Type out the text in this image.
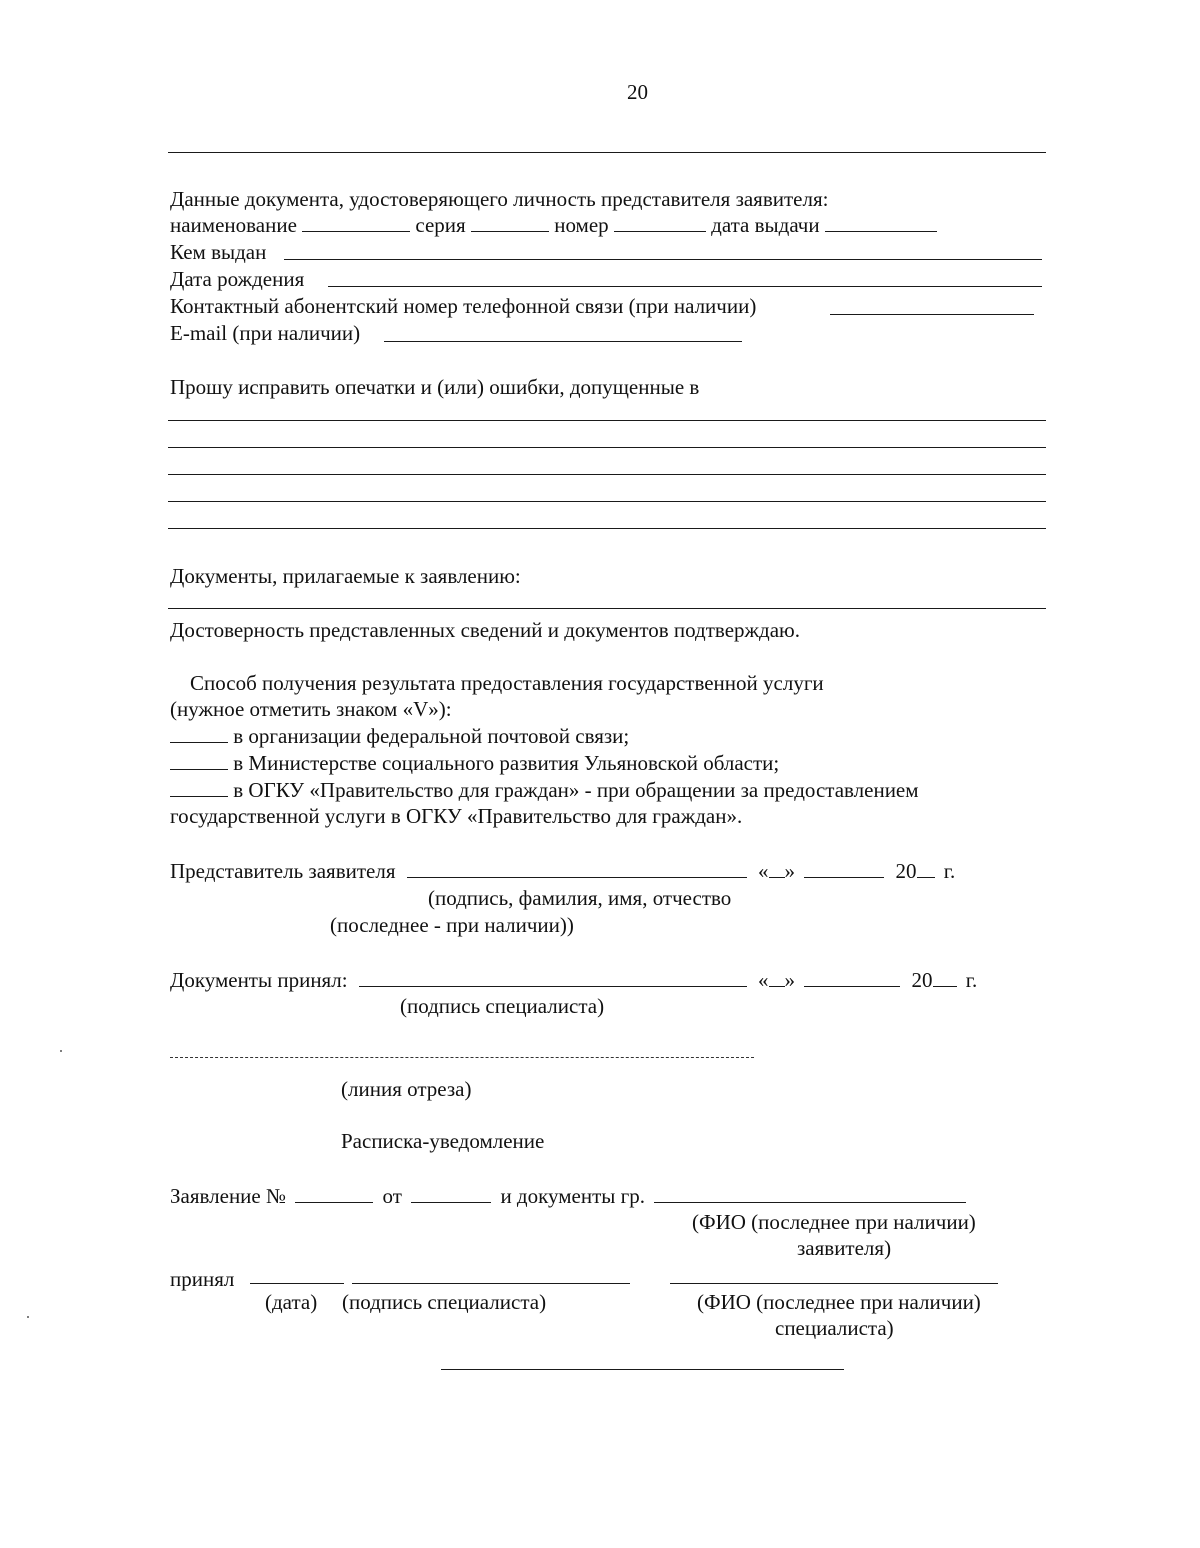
20
Данные документа, удостоверяющего личность представителя заявителя:
наименование	серия	номер	дата выдачи
Кем выдан
Дата рождения
Контактный абонентский номер телефонной связи (при наличии)
E-mail (при наличии)
Прошу исправить опечатки и (или) ошибки, допущенные в
Документы, прилагаемые к заявлению:
Достоверность представленных сведений и документов подтверждаю.
Способ получения результата предоставления государственной услуги
(нужное отметить знаком «V»):
в организации федеральной почтовой связи;
в Министерстве социального развития Ульяновской области;
в ОГКУ «Правительство для граждан» - при обращении за предоставлением
государственной услуги в ОГКУ «Правительство для граждан».
Представитель заявителя	« »	20 г.
(подпись, фамилия, имя, отчество
(последнее - при наличии))
Документы принял:	« »	20 г.
(подпись специалиста)
(линия отреза)
Расписка-уведомление
Заявление №	от	и документы гр.
(ФИО (последнее при наличии)
заявителя)
принял
(дата) (подпись специалиста)	(ФИО (последнее при наличии)
специалиста)
